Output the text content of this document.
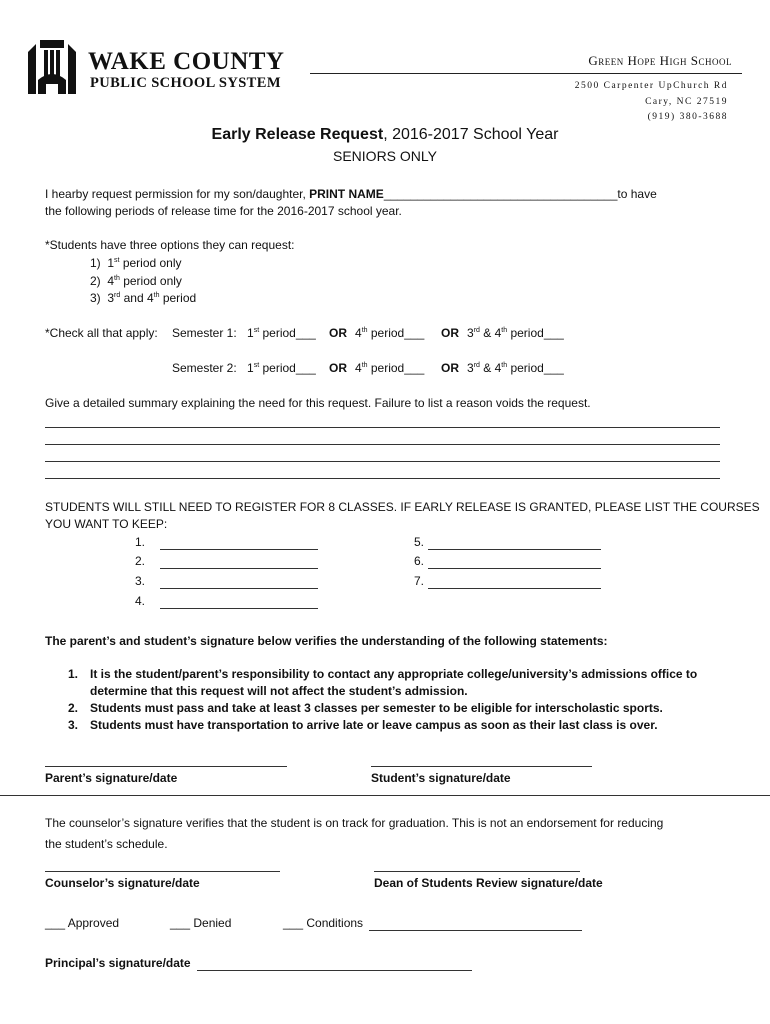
WAKE COUNTY
PUBLIC SCHOOL SYSTEM
Green Hope High School
2500 Carpenter UpChurch Rd
Cary, NC 27519
(919) 380-3688
Early Release Request, 2016-2017 School Year
SENIORS ONLY
I hearby request permission for my son/daughter, PRINT NAME___________________________________to have
the following periods of release time for the 2016-2017 school year.
*Students have three options they can request:
1) 1st period only
2) 4th period only
3) 3rd and 4th period
*Check all that apply: Semester 1: 1st period___ OR 4th period___ OR 3rd & 4th period___
Semester 2: 1st period___ OR 4th period___ OR 3rd & 4th period___
Give a detailed summary explaining the need for this request. Failure to list a reason voids the request.
STUDENTS WILL STILL NEED TO REGISTER FOR 8 CLASSES. IF EARLY RELEASE IS GRANTED, PLEASE LIST THE COURSES
YOU WANT TO KEEP:
1.
2.
3.
4.
5.
6.
7.
The parent’s and student’s signature below verifies the understanding of the following statements:
1. It is the student/parent’s responsibility to contact any appropriate college/university’s admissions office to
determine that this request will not affect the student’s admission.
2. Students must pass and take at least 3 classes per semester to be eligible for interscholastic sports.
3. Students must have transportation to arrive late or leave campus as soon as their last class is over.
Parent’s signature/date	Student’s signature/date
The counselor’s signature verifies that the student is on track for graduation. This is not an endorsement for reducing
the student’s schedule.
Counselor’s signature/date	Dean of Students Review signature/date
___ Approved	___ Denied	___ Conditions
Principal’s signature/date
